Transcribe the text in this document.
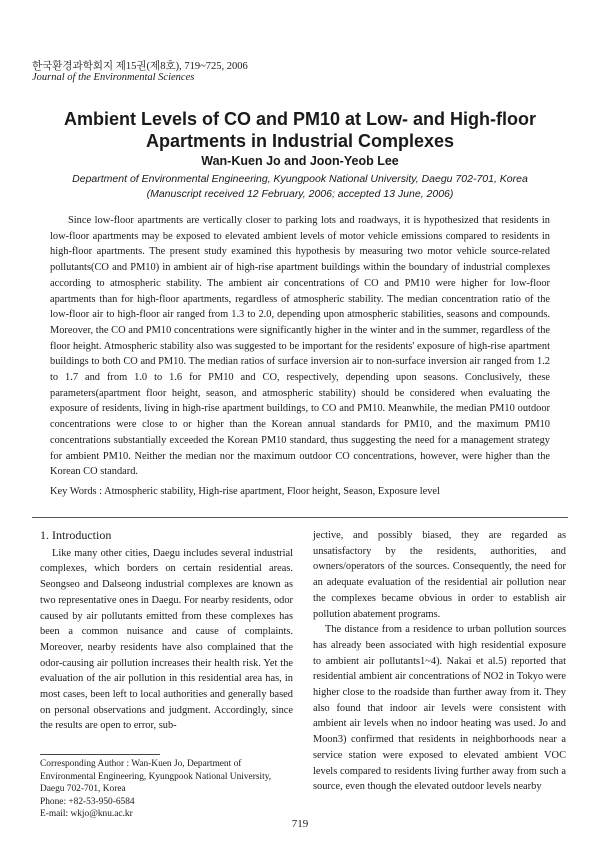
한국환경과학회지 제15권(제8호), 719~725, 2006
Journal of the Environmental Sciences
Ambient Levels of CO and PM10 at Low- and High-floor
Apartments in Industrial Complexes
Wan-Kuen Jo and Joon-Yeob Lee
Department of Environmental Engineering, Kyungpook National University, Daegu 702-701, Korea
(Manuscript received 12 February, 2006; accepted 13 June, 2006)

Since low-floor apartments are vertically closer to parking lots and roadways, it is hypothesized that residents in low-floor apartments may be exposed to elevated ambient levels of motor vehicle emissions compared to residents in high-floor apartments. The present study examined this hypothesis by measuring two motor vehicle source-related pollutants(CO and PM10) in ambient air of high-rise apartment buildings within the boundary of industrial complexes according to atmospheric stability. The ambient air concentrations of CO and PM10 were higher for low-floor apartments than for high-floor apartments, regardless of atmospheric stability. The median concentration ratio of the low-floor air to high-floor air ranged from 1.3 to 2.0, depending upon atmospheric stabilities, seasons and compounds. Moreover, the CO and PM10 concentrations were significantly higher in the winter and in the summer, regardless of the floor height. Atmospheric stability also was suggested to be important for the residents' exposure of high-rise apartment buildings to both CO and PM10. The median ratios of surface inversion air to non-surface inversion air ranged from 1.2 to 1.7 and from 1.0 to 1.6 for PM10 and CO, respectively, depending upon seasons. Conclusively, these parameters(apartment floor height, season, and atmospheric stability) should be considered when evaluating the exposure of residents, living in high-rise apartment buildings, to CO and PM10. Meanwhile, the median PM10 outdoor concentrations were close to or higher than the Korean annual standards for PM10, and the maximum PM10 concentrations substantially exceeded the Korean PM10 standard, thus suggesting the need for a management strategy for ambient PM10. Neither the median nor the maximum outdoor CO concentrations, however, were higher than the Korean CO standard.

Key Words : Atmospheric stability, High-rise apartment, Floor height, Season, Exposure level
1. Introduction

Like many other cities, Daegu includes several industrial complexes, which borders on certain residential areas. Seongseo and Dalseong industrial complexes are known as two representative ones in Daegu. For nearby residents, odor caused by air pollutants emitted from these complexes has been a common nuisance and cause of complaints. Moreover, nearby residents have also complained that the odor-causing air pollution increases their health risk. Yet the evaluation of the air pollution in this residential area has, in most cases, been left to local authorities and generally based on personal observations and judgment. Accordingly, since the results are open to error, sub-

jective, and possibly biased, they are regarded as unsatisfactory by the residents, authorities, and owners/operators of the sources. Consequently, the need for an adequate evaluation of the residential air pollution near the complexes became obvious in order to establish air pollution abatement programs.

The distance from a residence to urban pollution sources has already been associated with high residential exposure to ambient air pollutants1~4). Nakai et al.5) reported that residential ambient air concentrations of NO2 in Tokyo were higher close to the roadside than further away from it. They also found that indoor air levels were consistent with ambient air levels when no indoor heating was used. Jo and Moon3) confirmed that residents in neighborhoods near a service station were exposed to elevated ambient VOC levels compared to residents living further away from such a source, even though the elevated outdoor levels nearby

Corresponding Author : Wan-Kuen Jo, Department of Environmental Engineering, Kyungpook National University, Daegu 702-701, Korea
Phone: +82-53-950-6584
E-mail: wkjo@knu.ac.kr
719
